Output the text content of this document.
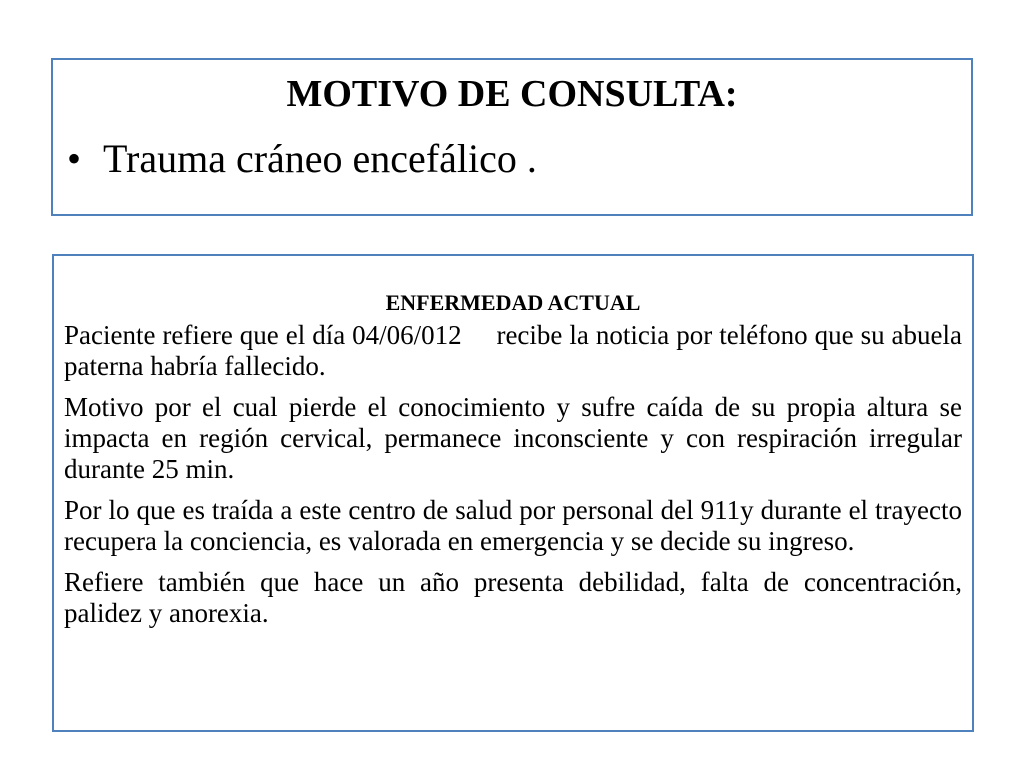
MOTIVO DE CONSULTA:
• Trauma cráneo encefálico .
ENFERMEDAD ACTUAL

Paciente refiere que el día 04/06/012     recibe la noticia por teléfono que su abuela paterna habría fallecido.

Motivo por el cual pierde el conocimiento y sufre caída de su propia altura se impacta en región cervical, permanece inconsciente y con respiración irregular durante 25 min.

Por lo que es traída a este centro de salud por personal del 911y durante el trayecto recupera la conciencia, es valorada en emergencia y se decide su ingreso.

Refiere también que hace un año presenta debilidad, falta de concentración, palidez y anorexia.
